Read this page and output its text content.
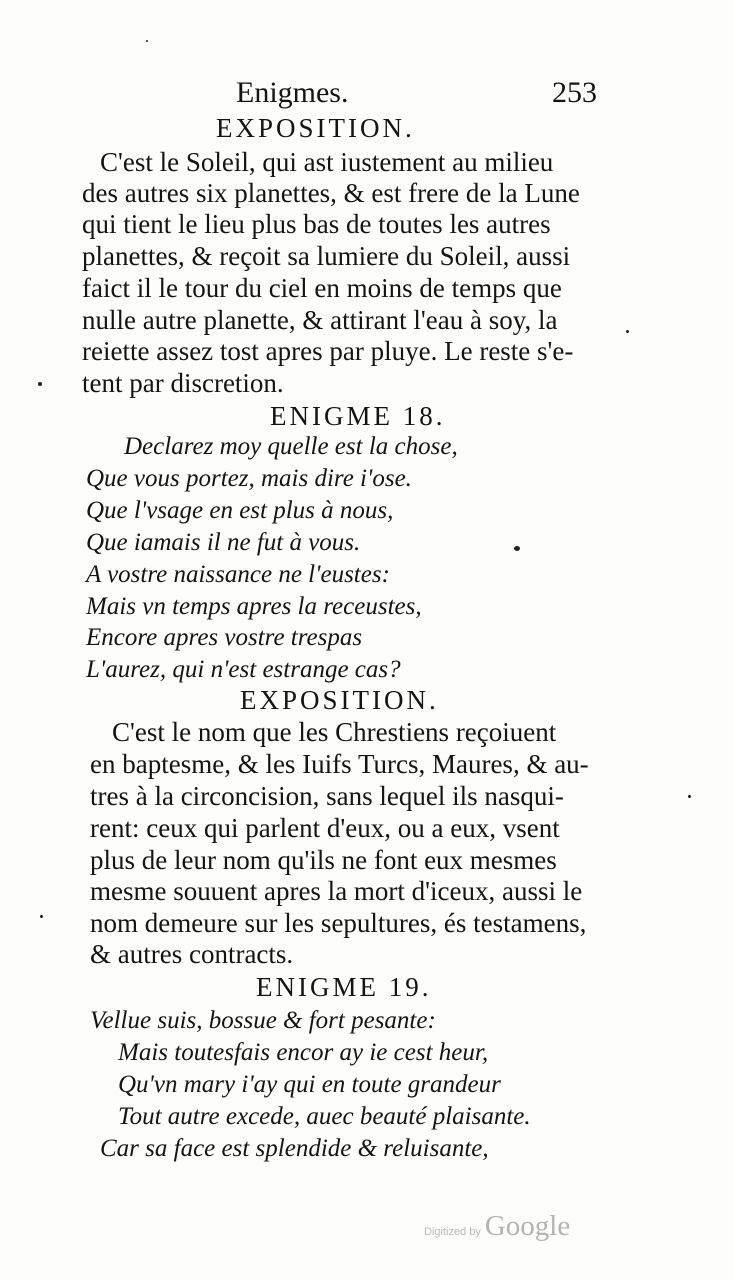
Enigmes.	253
EXPOSITION.
C'est le Soleil, qui ast iustement au milieu
des autres six planettes, & est frere de la Lune
qui tient le lieu plus bas de toutes les autres
planettes, & reçoit sa lumiere du Soleil, aussi
faict il le tour du ciel en moins de temps que
nulle autre planette, & attirant l'eau à soy, la
reiette assez tost apres par pluye. Le reste s'e-
tent par discretion.
ENIGME 18.
Declarez moy quelle est la chose,
Que vous portez, mais dire i'ose.
Que l'vsage en est plus à nous,
Que iamais il ne fut à vous.
A vostre naissance ne l'eustes:
Mais vn temps apres la receustes,
Encore apres vostre trespas
L'aurez, qui n'est estrange cas?
EXPOSITION.
C'est le nom que les Chrestiens reçoiuent
en baptesme, & les Iuifs Turcs, Maures, & au-
tres à la circoncision, sans lequel ils nasqui-
rent: ceux qui parlent d'eux, ou a eux, vsent
plus de leur nom qu'ils ne font eux mesmes
mesme souuent apres la mort d'iceux, aussi le
nom demeure sur les sepultures, és testamens,
& autres contracts.
ENIGME 19.
Vellue suis, bossue & fort pesante:
Mais toutesfais encor ay ie cest heur,
Qu'vn mary i'ay qui en toute grandeur
Tout autre excede, auec beauté plaisante.
Car sa face est splendide & reluisante,
Digitized by Google
